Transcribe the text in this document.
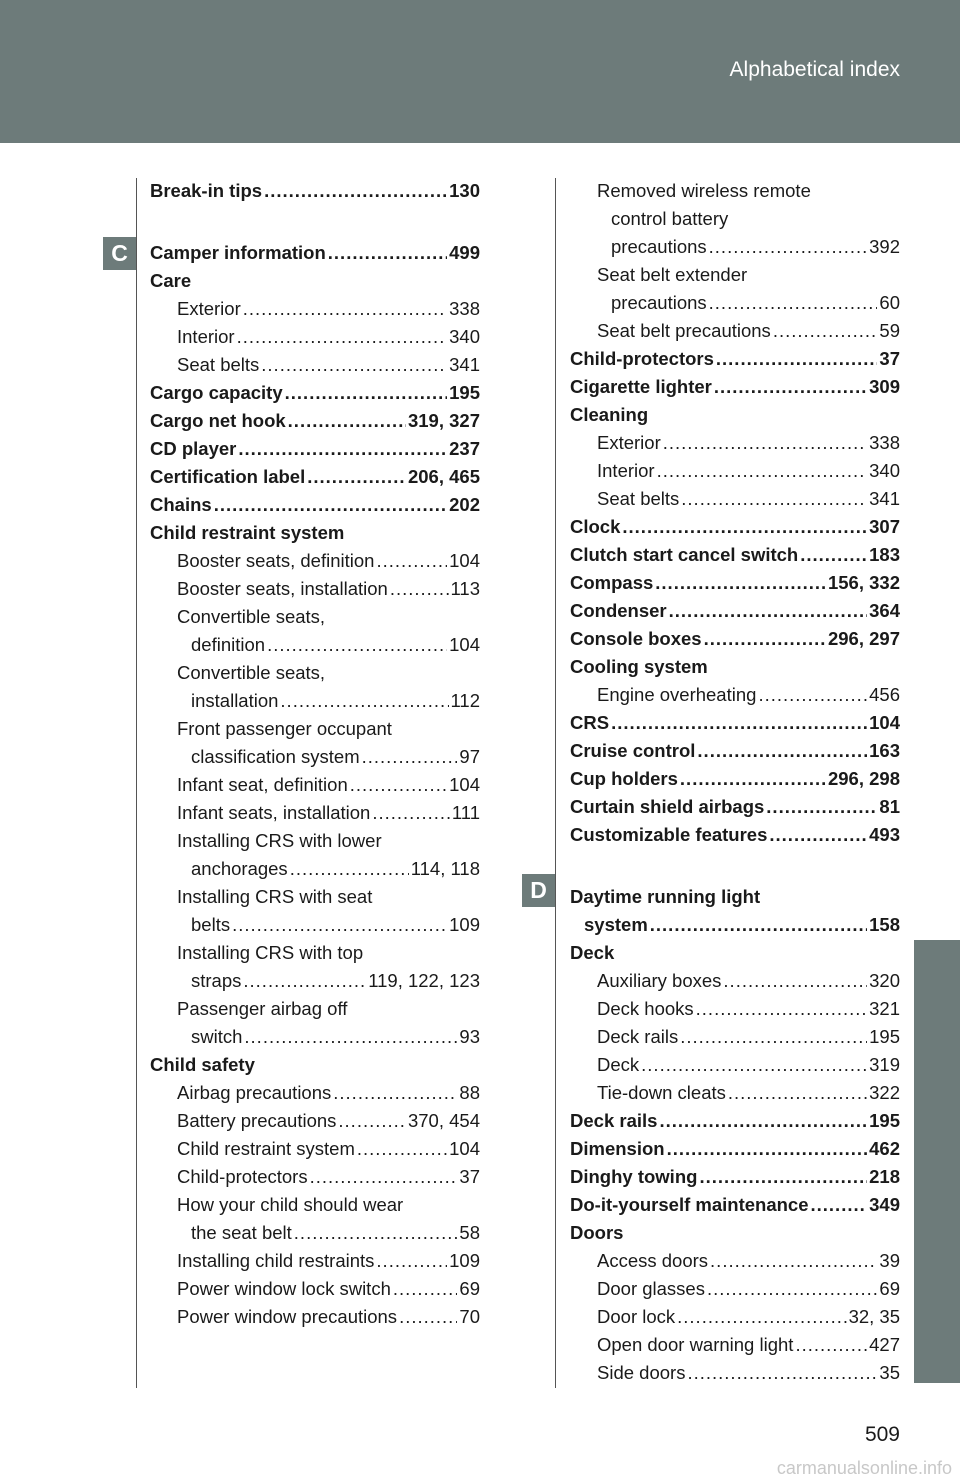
Alphabetical index
C
D
Break-in tips .....	130
Camper information .....	499
Care
Exterior .....	338
Interior .....	340
Seat belts .....	341
Cargo capacity .....	195
Cargo net hook .....	319, 327
CD player .....	237
Certification label .....	206, 465
Chains .....	202
Child restraint system
Booster seats, definition .....	104
Booster seats, installation .....	113
Convertible seats,
definition .....	104
Convertible seats,
installation .....	112
Front passenger occupant
classification system .....	97
Infant seat, definition .....	104
Infant seats, installation .....	111
Installing CRS with lower
anchorages .....	114, 118
Installing CRS with seat
belts .....	109
Installing CRS with top
straps .....	119, 122, 123
Passenger airbag off
switch .....	93
Child safety
Airbag precautions .....	88
Battery precautions .....	370, 454
Child restraint system .....	104
Child-protectors .....	37
How your child should wear
the seat belt .....	58
Installing child restraints .....	109
Power window lock switch .....	69
Power window precautions .....	70
Removed wireless remote
control battery
precautions .....	392
Seat belt extender
precautions .....	60
Seat belt precautions .....	59
Child-protectors .....	37
Cigarette lighter .....	309
Cleaning
Exterior .....	338
Interior .....	340
Seat belts .....	341
Clock .....	307
Clutch start cancel switch .....	183
Compass .....	156, 332
Condenser .....	364
Console boxes .....	296, 297
Cooling system
Engine overheating .....	456
CRS .....	104
Cruise control .....	163
Cup holders .....	296, 298
Curtain shield airbags .....	81
Customizable features .....	493
Daytime running light
system .....	158
Deck
Auxiliary boxes .....	320
Deck hooks .....	321
Deck rails .....	195
Deck .....	319
Tie-down cleats .....	322
Deck rails .....	195
Dimension .....	462
Dinghy towing .....	218
Do-it-yourself maintenance .....	349
Doors
Access doors .....	39
Door glasses .....	69
Door lock .....	32, 35
Open door warning light .....	427
Side doors .....	35
509
carmanualsonline.info
